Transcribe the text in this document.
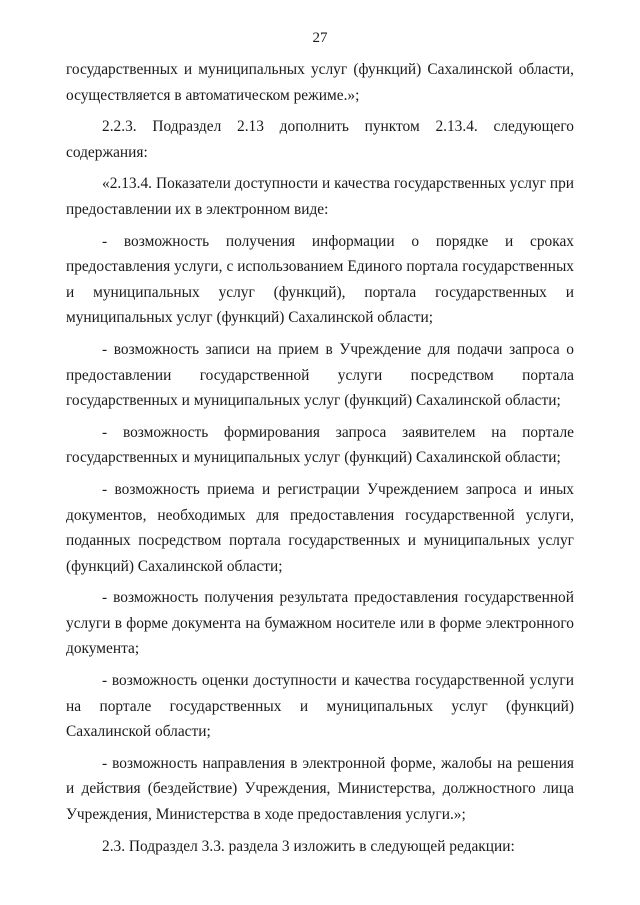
27

государственных и муниципальных услуг (функций) Сахалинской области, осуществляется в автоматическом режиме.»;

2.2.3. Подраздел 2.13 дополнить пунктом 2.13.4. следующего содержания:

«2.13.4. Показатели доступности и качества государственных услуг при предоставлении их в электронном виде:

- возможность получения информации о порядке и сроках предоставления услуги, с использованием Единого портала государственных и муниципальных услуг (функций), портала государственных и муниципальных услуг (функций) Сахалинской области;

- возможность записи на прием в Учреждение для подачи запроса о предоставлении государственной услуги посредством портала государственных и муниципальных услуг (функций) Сахалинской области;

- возможность формирования запроса заявителем на портале государственных и муниципальных услуг (функций) Сахалинской области;

- возможность приема и регистрации Учреждением запроса и иных документов, необходимых для предоставления государственной услуги, поданных посредством портала государственных и муниципальных услуг (функций) Сахалинской области;

- возможность получения результата предоставления государственной услуги в форме документа на бумажном носителе или в форме электронного документа;

- возможность оценки доступности и качества государственной услуги на портале государственных и муниципальных услуг (функций) Сахалинской области;

- возможность направления в электронной форме, жалобы на решения и действия (бездействие) Учреждения, Министерства, должностного лица Учреждения, Министерства в ходе предоставления услуги.»;

2.3. Подраздел 3.3. раздела 3 изложить в следующей редакции:
